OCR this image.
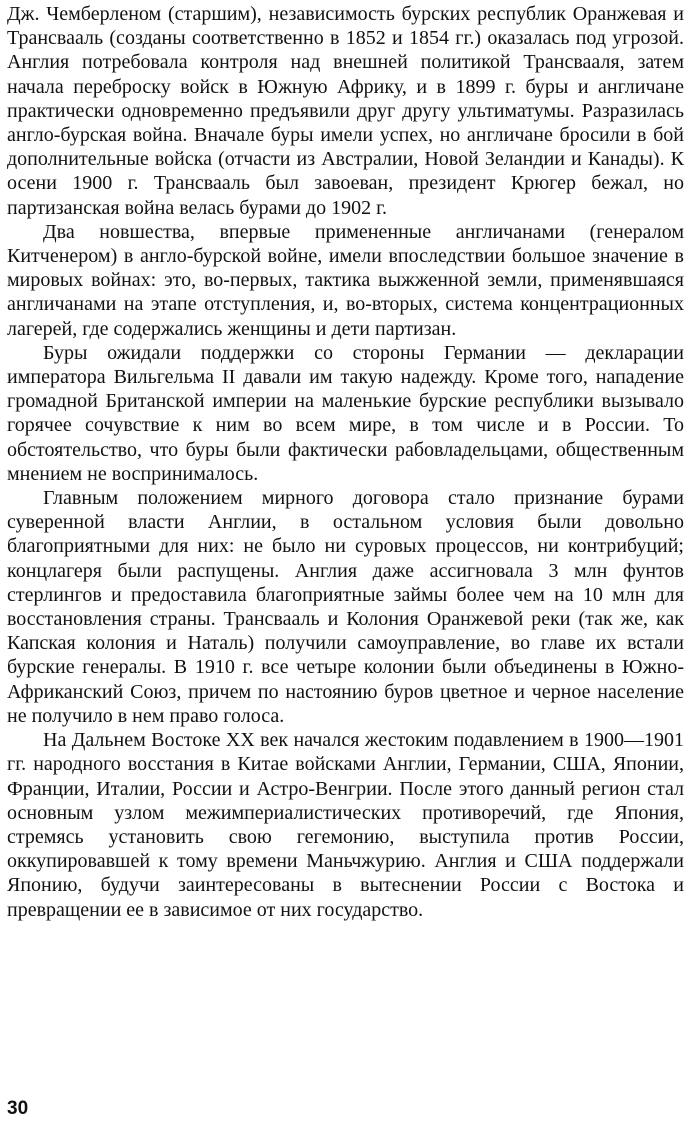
Дж. Чемберленом (старшим), независимость бурских республик Оранжевая и Трансвааль (созданы соответственно в 1852 и 1854 гг.) оказалась под угрозой. Англия потребовала контроля над внешней политикой Трансвааля, затем начала переброску войск в Южную Африку, и в 1899 г. буры и англичане практически одновременно предъявили друг другу ультиматумы. Разразилась англо-бурская война. Вначале буры имели успех, но англичане бросили в бой дополнительные войска (отчасти из Австралии, Новой Зеландии и Канады). К осени 1900 г. Трансвааль был завоеван, президент Крюгер бежал, но партизанская война велась бурами до 1902 г.

Два новшества, впервые примененные англичанами (генералом Китченером) в англо-бурской войне, имели впоследствии большое значение в мировых войнах: это, во-первых, тактика выжженной земли, применявшаяся англичанами на этапе отступления, и, во-вторых, система концентрационных лагерей, где содержались женщины и дети партизан.

Буры ожидали поддержки со стороны Германии — декларации императора Вильгельма II давали им такую надежду. Кроме того, нападение громадной Британской империи на маленькие бурские республики вызывало горячее сочувствие к ним во всем мире, в том числе и в России. То обстоятельство, что буры были фактически рабовладельцами, общественным мнением не воспринималось.

Главным положением мирного договора стало признание бурами суверенной власти Англии, в остальном условия были довольно благоприятными для них: не было ни суровых процессов, ни контрибуций; концлагеря были распущены. Англия даже ассигновала 3 млн фунтов стерлингов и предоставила благоприятные займы более чем на 10 млн для восстановления страны. Трансвааль и Колония Оранжевой реки (так же, как Капская колония и Наталь) получили самоуправление, во главе их встали бурские генералы. В 1910 г. все четыре колонии были объединены в Южно-Африканский Союз, причем по настоянию буров цветное и черное население не получило в нем право голоса.

На Дальнем Востоке XX век начался жестоким подавлением в 1900—1901 гг. народного восстания в Китае войсками Англии, Германии, США, Японии, Франции, Италии, России и Астро-Венгрии. После этого данный регион стал основным узлом межимпериалистических противоречий, где Япония, стремясь установить свою гегемонию, выступила против России, оккупировавшей к тому времени Маньчжурию. Англия и США поддержали Японию, будучи заинтересованы в вытеснении России с Востока и превращении ее в зависимое от них государство.

30
